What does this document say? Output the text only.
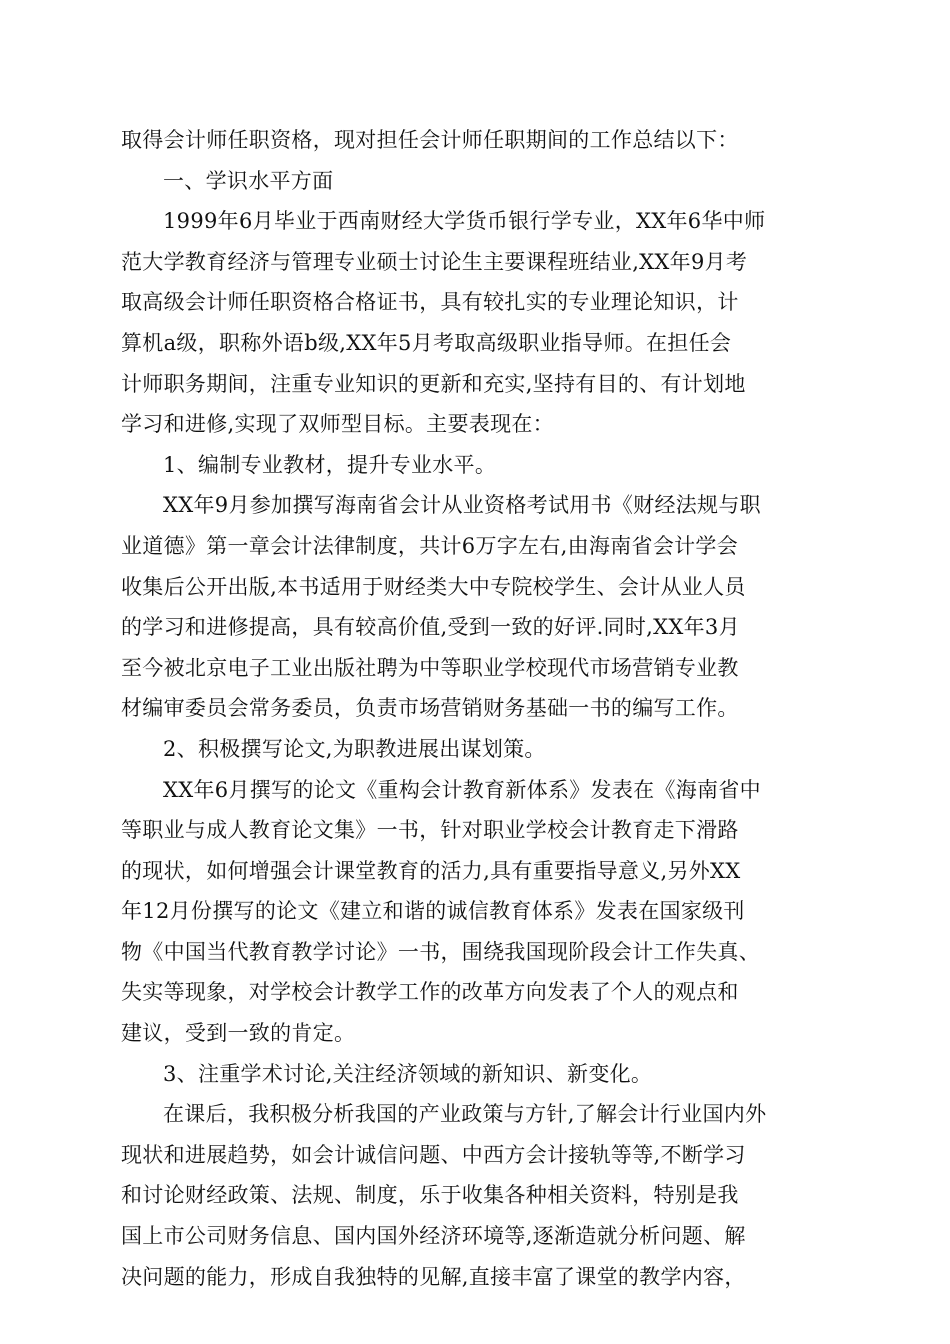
取得会计师任职资格，现对担任会计师任职期间的工作总结以下：
一、学识水平方面
1999年6月毕业于西南财经大学货币银行学专业，XX年6华中师
范大学教育经济与管理专业硕士讨论生主要课程班结业,XX年9月考
取高级会计师任职资格合格证书，具有较扎实的专业理论知识，计
算机a级，职称外语b级,XX年5月考取高级职业指导师。在担任会
计师职务期间，注重专业知识的更新和充实,坚持有目的、有计划地
学习和进修,实现了双师型目标。主要表现在：
1、编制专业教材，提升专业水平。
XX年9月参加撰写海南省会计从业资格考试用书《财经法规与职
业道德》第一章会计法律制度，共计6万字左右,由海南省会计学会
收集后公开出版,本书适用于财经类大中专院校学生、会计从业人员
的学习和进修提高，具有较高价值,受到一致的好评.同时,XX年3月
至今被北京电子工业出版社聘为中等职业学校现代市场营销专业教
材编审委员会常务委员，负责市场营销财务基础一书的编写工作。
2、积极撰写论文,为职教进展出谋划策。
XX年6月撰写的论文《重构会计教育新体系》发表在《海南省中
等职业与成人教育论文集》一书，针对职业学校会计教育走下滑路
的现状，如何增强会计课堂教育的活力,具有重要指导意义,另外XX
年12月份撰写的论文《建立和谐的诚信教育体系》发表在国家级刊
物《中国当代教育教学讨论》一书，围绕我国现阶段会计工作失真、
失实等现象，对学校会计教学工作的改革方向发表了个人的观点和
建议，受到一致的肯定。
3、注重学术讨论,关注经济领域的新知识、新变化。
在课后，我积极分析我国的产业政策与方针,了解会计行业国内外
现状和进展趋势，如会计诚信问题、中西方会计接轨等等,不断学习
和讨论财经政策、法规、制度，乐于收集各种相关资料，特别是我
国上市公司财务信息、国内国外经济环境等,逐渐造就分析问题、解
决问题的能力，形成自我独特的见解,直接丰富了课堂的教学内容，
